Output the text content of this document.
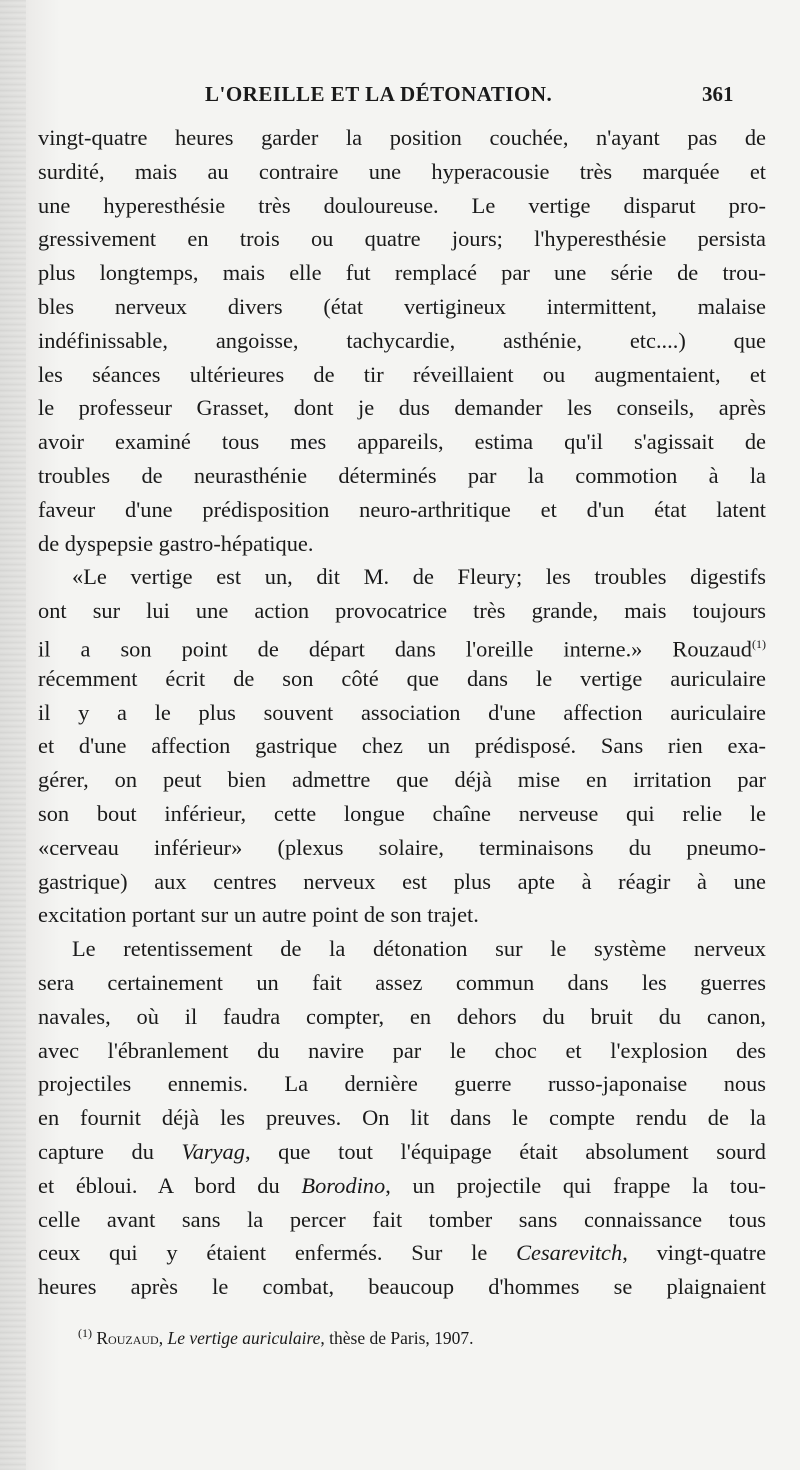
L'OREILLE ET LA DÉTONATION.	361
vingt-quatre heures garder la position couchée, n'ayant pas de
surdité, mais au contraire une hyperacousie très marquée et
une hyperesthésie très douloureuse. Le vertige disparut pro-
gressivement en trois ou quatre jours; l'hyperesthésie persista
plus longtemps, mais elle fut remplacé par une série de trou-
bles nerveux divers (état vertigineux intermittent, malaise
indéfinissable, angoisse, tachycardie, asthénie, etc....) que
les séances ultérieures de tir réveillaient ou augmentaient, et
le professeur Grasset, dont je dus demander les conseils, après
avoir examiné tous mes appareils, estima qu'il s'agissait de
troubles de neurasthénie déterminés par la commotion à la
faveur d'une prédisposition neuro-arthritique et d'un état latent
de dyspepsie gastro-hépatique.
«Le vertige est un, dit M. de Fleury; les troubles digestifs
ont sur lui une action provocatrice très grande, mais toujours
il a son point de départ dans l'oreille interne.» Rouzaud$^{(1)}$
récemment écrit de son côté que dans le vertige auriculaire
il y a le plus souvent association d'une affection auriculaire
et d'une affection gastrique chez un prédisposé. Sans rien exa-
gérer, on peut bien admettre que déjà mise en irritation par
son bout inférieur, cette longue chaîne nerveuse qui relie le
«cerveau inférieur» (plexus solaire, terminaisons du pneumo-
gastrique) aux centres nerveux est plus apte à réagir à une
excitation portant sur un autre point de son trajet.
Le retentissement de la détonation sur le système nerveux
sera certainement un fait assez commun dans les guerres
navales, où il faudra compter, en dehors du bruit du canon,
avec l'ébranlement du navire par le choc et l'explosion des
projectiles ennemis. La dernière guerre russo-japonaise nous
en fournit déjà les preuves. On lit dans le compte rendu de la
capture du Varyag, que tout l'équipage était absolument sourd
et ébloui. A bord du Borodino, un projectile qui frappe la tou-
celle avant sans la percer fait tomber sans connaissance tous
ceux qui y étaient enfermés. Sur le Cesarevitch, vingt-quatre
heures après le combat, beaucoup d'hommes se plaignaient
$^{(1)}$ Rouzaud, Le vertige auriculaire, thèse de Paris, 1907.
